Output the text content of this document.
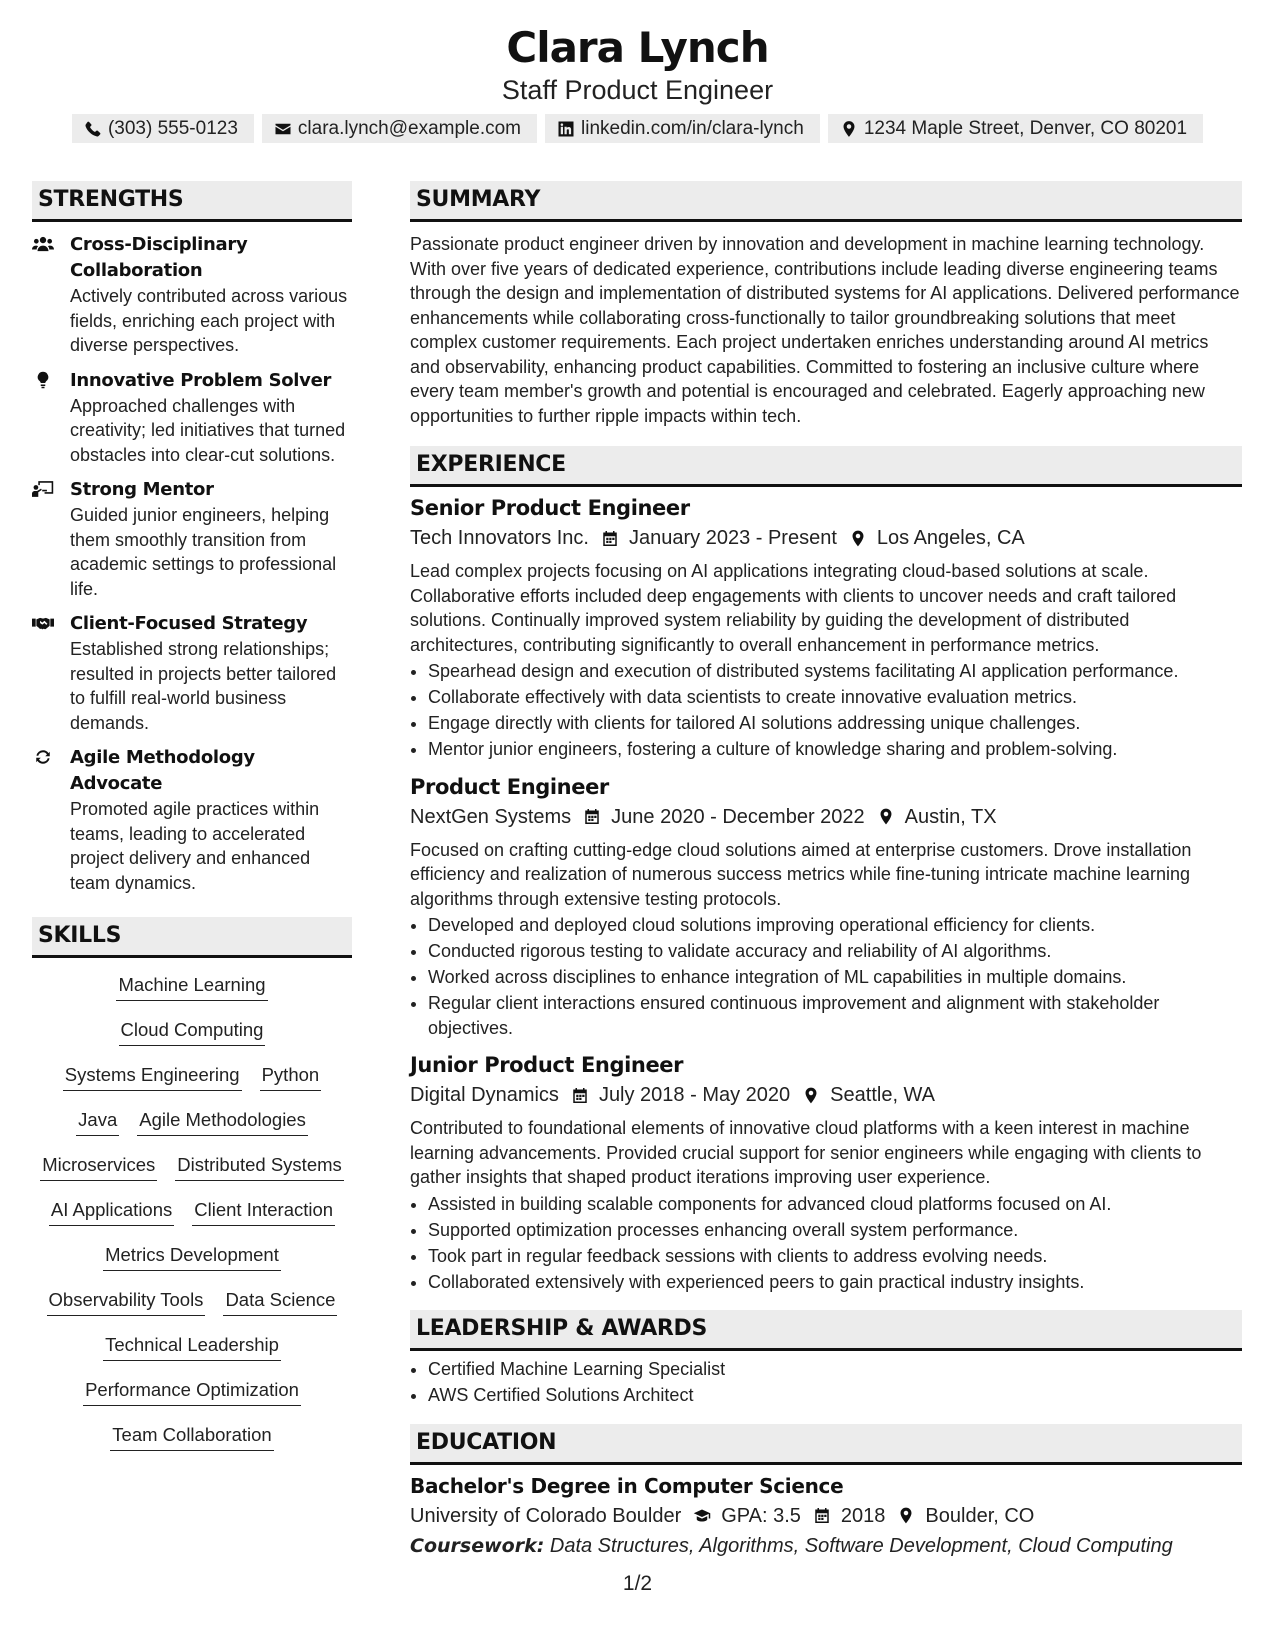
Clara Lynch
Staff Product Engineer
(303) 555-0123	clara.lynch@example.com	linkedin.com/in/clara-lynch	1234 Maple Street, Denver, CO 80201
STRENGTHS
Cross-Disciplinary Collaboration
Actively contributed across various fields, enriching each project with diverse perspectives.
Innovative Problem Solver
Approached challenges with creativity; led initiatives that turned obstacles into clear-cut solutions.
Strong Mentor
Guided junior engineers, helping them smoothly transition from academic settings to professional life.
Client-Focused Strategy
Established strong relationships; resulted in projects better tailored to fulfill real-world business demands.
Agile Methodology Advocate
Promoted agile practices within teams, leading to accelerated project delivery and enhanced team dynamics.
SKILLS
Machine Learning
Cloud Computing
Systems Engineering Python
Java Agile Methodologies
Microservices Distributed Systems
AI Applications Client Interaction
Metrics Development
Observability Tools Data Science
Technical Leadership
Performance Optimization
Team Collaboration
SUMMARY
Passionate product engineer driven by innovation and development in machine learning technology. With over five years of dedicated experience, contributions include leading diverse engineering teams through the design and implementation of distributed systems for AI applications. Delivered performance enhancements while collaborating cross-functionally to tailor groundbreaking solutions that meet complex customer requirements. Each project undertaken enriches understanding around AI metrics and observability, enhancing product capabilities. Committed to fostering an inclusive culture where every team member's growth and potential is encouraged and celebrated. Eagerly approaching new opportunities to further ripple impacts within tech.
EXPERIENCE
Senior Product Engineer
Tech Innovators Inc. January 2023 - Present Los Angeles, CA
Lead complex projects focusing on AI applications integrating cloud-based solutions at scale. Collaborative efforts included deep engagements with clients to uncover needs and craft tailored solutions. Continually improved system reliability by guiding the development of distributed architectures, contributing significantly to overall enhancement in performance metrics.
• Spearhead design and execution of distributed systems facilitating AI application performance.
• Collaborate effectively with data scientists to create innovative evaluation metrics.
• Engage directly with clients for tailored AI solutions addressing unique challenges.
• Mentor junior engineers, fostering a culture of knowledge sharing and problem-solving.
Product Engineer
NextGen Systems June 2020 - December 2022 Austin, TX
Focused on crafting cutting-edge cloud solutions aimed at enterprise customers. Drove installation efficiency and realization of numerous success metrics while fine-tuning intricate machine learning algorithms through extensive testing protocols.
• Developed and deployed cloud solutions improving operational efficiency for clients.
• Conducted rigorous testing to validate accuracy and reliability of AI algorithms.
• Worked across disciplines to enhance integration of ML capabilities in multiple domains.
• Regular client interactions ensured continuous improvement and alignment with stakeholder objectives.
Junior Product Engineer
Digital Dynamics July 2018 - May 2020 Seattle, WA
Contributed to foundational elements of innovative cloud platforms with a keen interest in machine learning advancements. Provided crucial support for senior engineers while engaging with clients to gather insights that shaped product iterations improving user experience.
• Assisted in building scalable components for advanced cloud platforms focused on AI.
• Supported optimization processes enhancing overall system performance.
• Took part in regular feedback sessions with clients to address evolving needs.
• Collaborated extensively with experienced peers to gain practical industry insights.
LEADERSHIP & AWARDS
• Certified Machine Learning Specialist
• AWS Certified Solutions Architect
EDUCATION
Bachelor's Degree in Computer Science
University of Colorado Boulder GPA: 3.5 2018 Boulder, CO
Coursework: Data Structures, Algorithms, Software Development, Cloud Computing
1/2
